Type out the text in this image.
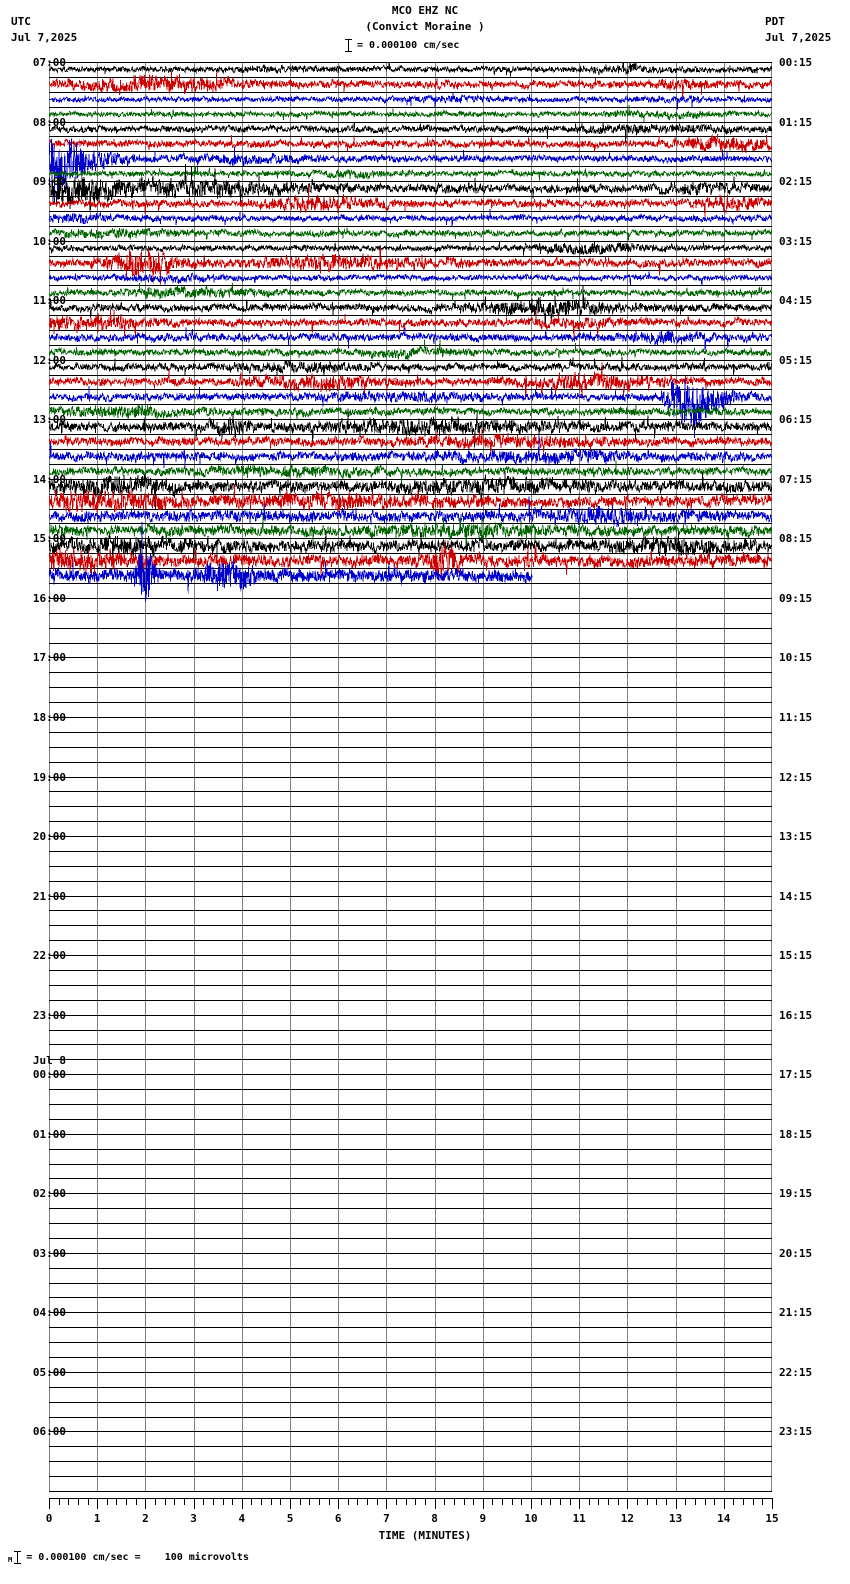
UTC
Jul 7,2025
PDT
Jul 7,2025
MCO EHZ NC
(Convict Moraine )
= 0.000100 cm/sec
07:00	00:15
08:00	01:15
09:00	02:15
10:00	03:15
11:00	04:15
12:00	05:15
13:00	06:15
14:00	07:15
15:00	08:15
16:00	09:15
17:00	10:15
18:00	11:15
19:00	12:15
20:00	13:15
21:00	14:15
22:00	15:15
23:00	16:15
00:00	17:15
Jul 8
01:00	18:15
02:00	19:15
03:00	20:15
04:00	21:15
05:00	22:15
06:00	23:15
0	1	2	3	4	5	6	7	8	9	10	11	12	13	14	15
TIME (MINUTES)
M = 0.000100 cm/sec =    100 microvolts
